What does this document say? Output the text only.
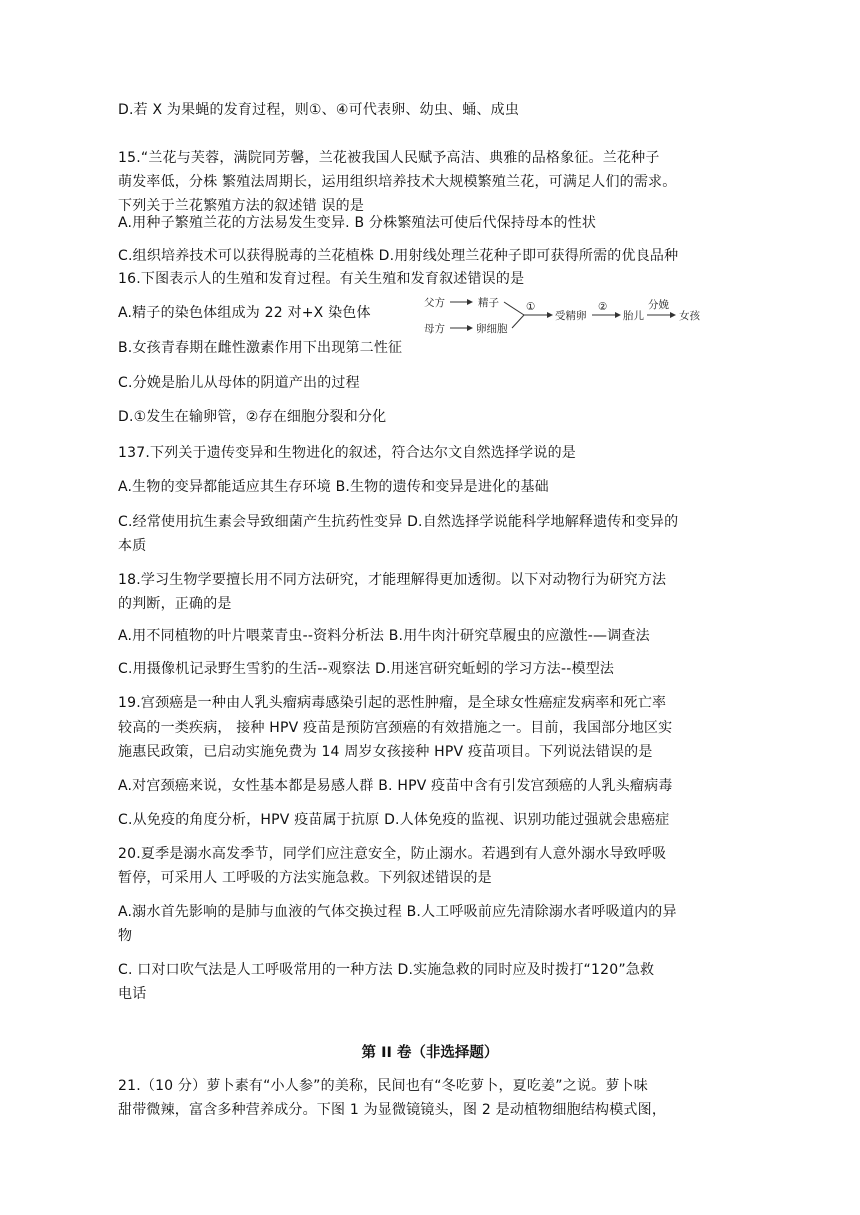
D.若 X 为果蝇的发育过程，则①、④可代表卵、幼虫、蛹、成虫
15.“兰花与芙蓉，满院同芳馨，兰花被我国人民赋予高洁、典雅的品格象征。兰花种子
萌发率低，分株 繁殖法周期长，运用组织培养技术大规模繁殖兰花，可满足人们的需求。
下列关于兰花繁殖方法的叙述错 误的是
A.用种子繁殖兰花的方法易发生变异. B 分株繁殖法可使后代保持母本的性状
C.组织培养技术可以获得脱毒的兰花植株 D.用射线处理兰花种子即可获得所需的优良品种
16.下图表示人的生殖和发育过程。有关生殖和发育叙述错误的是
A.精子的染色体组成为 22 对+X 染色体
B.女孩青春期在雌性激素作用下出现第二性征
C.分娩是胎儿从母体的阴道产出的过程
D.①发生在输卵管，②存在细胞分裂和分化
137.下列关于遗传变异和生物进化的叙述，符合达尔文自然选择学说的是
A.生物的变异都能适应其生存环境 B.生物的遗传和变异是进化的基础
C.经常使用抗生素会导致细菌产生抗药性变异 D.自然选择学说能科学地解释遗传和变异的
本质
18.学习生物学要擅长用不同方法研究，才能理解得更加透彻。以下对动物行为研究方法
的判断，正确的是
A.用不同植物的叶片喂菜青虫--资料分析法 B.用牛肉汁研究草履虫的应激性-—调查法
C.用摄像机记录野生雪豹的生活--观察法 D.用迷宫研究蚯蚓的学习方法--模型法
19.宫颈癌是一种由人乳头瘤病毒感染引起的恶性肿瘤，是全球女性癌症发病率和死亡率
较高的一类疾病， 接种 HPV 疫苗是预防宫颈癌的有效措施之一。目前，我国部分地区实
施惠民政策，已启动实施免费为 14 周岁女孩接种 HPV 疫苗项目。下列说法错误的是
A.对宫颈癌来说，女性基本都是易感人群 B. HPV 疫苗中含有引发宫颈癌的人乳头瘤病毒
C.从免疫的角度分析，HPV 疫苗属于抗原 D.人体免疫的监视、识别功能过强就会患癌症
20.夏季是溺水高发季节，同学们应注意安全，防止溺水。若遇到有人意外溺水导致呼吸
暂停，可采用人 工呼吸的方法实施急救。下列叙述错误的是
A.溺水首先影响的是肺与血液的气体交换过程 B.人工呼吸前应先清除溺水者呼吸道内的异
物
C. 口对口吹气法是人工呼吸常用的一种方法 D.实施急救的同时应及时拨打“120”急救
电话
第 II 卷（非选择题）
21.（10 分）萝卜素有“小人参”的美称，民间也有“冬吃萝卜，夏吃姜”之说。萝卜味
甜带微辣，富含多种营养成分。下图 1 为显微镜镜头，图 2 是动植物细胞结构模式图，
父方	精子
母方	卵细胞
①
受精卵
②
胎儿
分娩
女孩
